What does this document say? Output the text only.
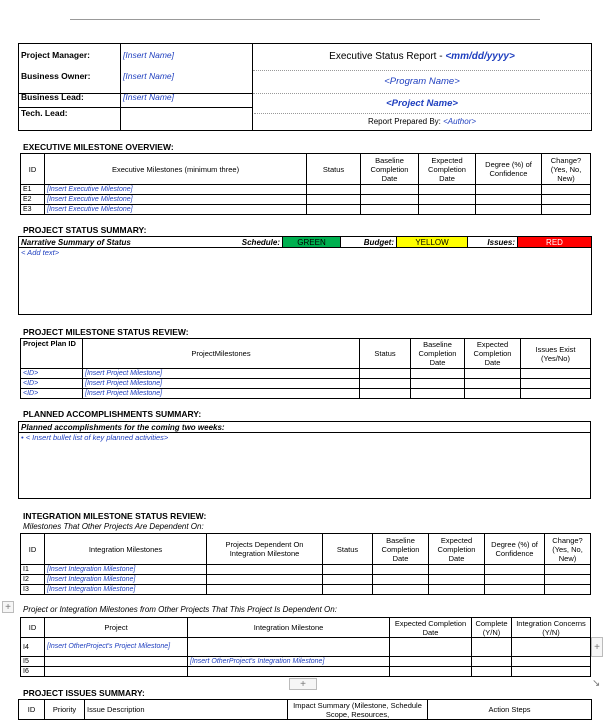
Project Manager:	[Insert Name]	Executive Status Report - <mm/dd/yyyy>
<Program Name>

Business Owner:	[Insert Name]	
Business Lead:	[Insert Name]	
Tech. Lead:		
<Project Name>
Report Prepared By: <Author>
EXECUTIVE MILESTONE OVERVIEW:
ID	Executive Milestones (minimum three)	Status	Baseline Completion Date	Expected Completion Date	Degree (%) of Confidence	Change? (Yes, No, New)
E1	[Insert Executive Milestone]					
E2	[Insert Executive Milestone]					
E3	[Insert Executive Milestone]					
PROJECT STATUS SUMMARY:
Narrative Summary of Status	Schedule:	GREEN	Budget:	YELLOW	Issues:	RED
< Add text>
PROJECT MILESTONE STATUS REVIEW:
Project Plan ID	ProjectMilestones	Status	Baseline Completion Date	Expected Completion Date	Issues Exist (Yes/No)
<ID>	[Insert Project Milestone]				
<ID>	[Insert Project Milestone]				
<ID>	[Insert Project Milestone]				
PLANNED ACCOMPLISHMENTS SUMMARY:
Planned accomplishments for the coming two weeks:
• < Insert bullet list of key planned activities>
INTEGRATION MILESTONE STATUS REVIEW:
Milestones That Other Projects Are Dependent On:
ID	Integration Milestones	Projects Dependent On Integration Milestone	Status	Baseline Completion Date	Expected Completion Date	Degree (%) of Confidence	Change? (Yes, No, New)
I1	[Insert Integration Milestone]						
I2	[Insert Integration Milestone]						
I3	[Insert Integration Milestone]						
+	Project or Integration Milestones from Other Projects That This Project Is Dependent On:
ID	Project	Integration Milestone	Expected Completion Date	Complete (Y/N)	Integration Concerns (Y/N)
I4	[Insert OtherProject's Project Milestone]				
I5		[Insert OtherProject's Integration Milestone]			
I6					
+
+	↘
PROJECT ISSUES SUMMARY:
ID	Priority	Issue Description	Impact Summary (Milestone, Schedule Scope, Resources,	Action Steps
